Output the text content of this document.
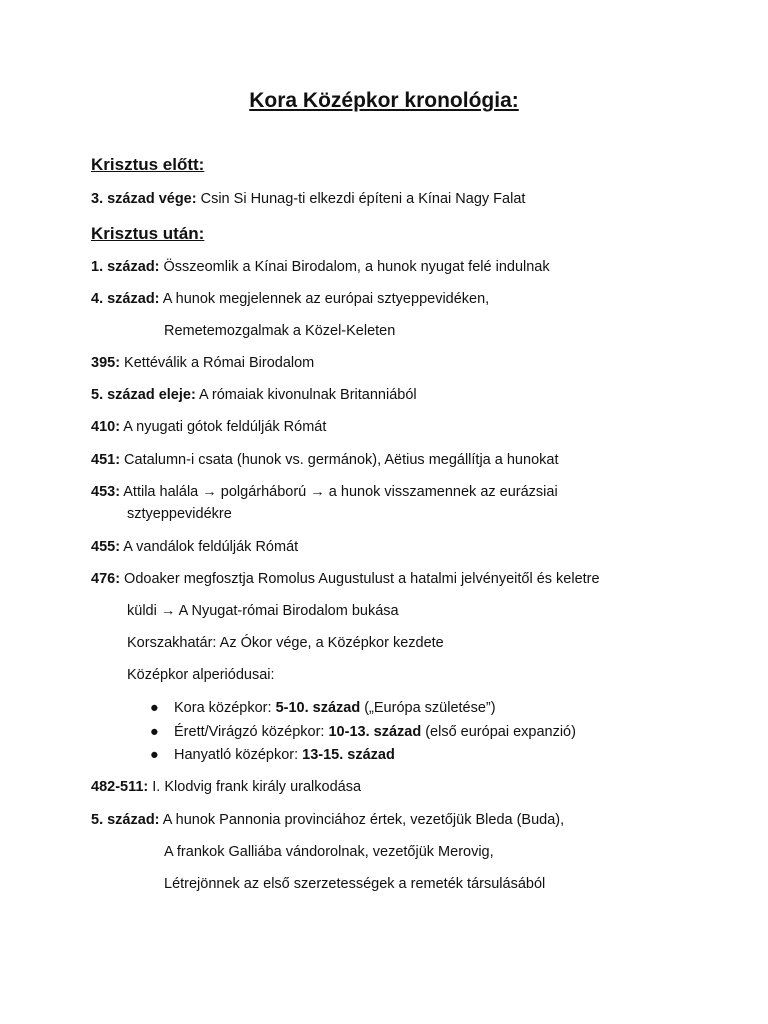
Kora Középkor kronológia:
Krisztus előtt:
3. század vége: Csin Si Hunag-ti elkezdi építeni a Kínai Nagy Falat
Krisztus után:
1. század: Összeomlik a Kínai Birodalom, a hunok nyugat felé indulnak
4. század: A hunok megjelennek az európai sztyeppevidéken,
Remetemozgalmak a Közel-Keleten
395: Kettéválik a Római Birodalom
5. század eleje: A rómaiak kivonulnak Britanniából
410: A nyugati gótok feldúlják Rómát
451: Catalumn-i csata (hunok vs. germánok), Aëtius megállítja a hunokat
453: Attila halála → polgárháború → a hunok visszamennek az eurázsiai
sztyeppevidékre
455: A vandálok feldúlják Rómát
476: Odoaker megfosztja Romolus Augustulust a hatalmi jelvényeitől és keletre
küldi → A Nyugat-római Birodalom bukása
Korszakhatár: Az Ókor vége, a Középkor kezdete
Középkor alperiódusai:
● Kora középkor: 5-10. század („Európa születése”)
● Érett/Virágzó középkor: 10-13. század (első európai expanzió)
● Hanyatló középkor: 13-15. század
482-511: I. Klodvig frank király uralkodása
5. század: A hunok Pannonia provinciához értek, vezetőjük Bleda (Buda),
A frankok Galliába vándorolnak, vezetőjük Merovig,
Létrejönnek az első szerzetességek a remeték társulásából
